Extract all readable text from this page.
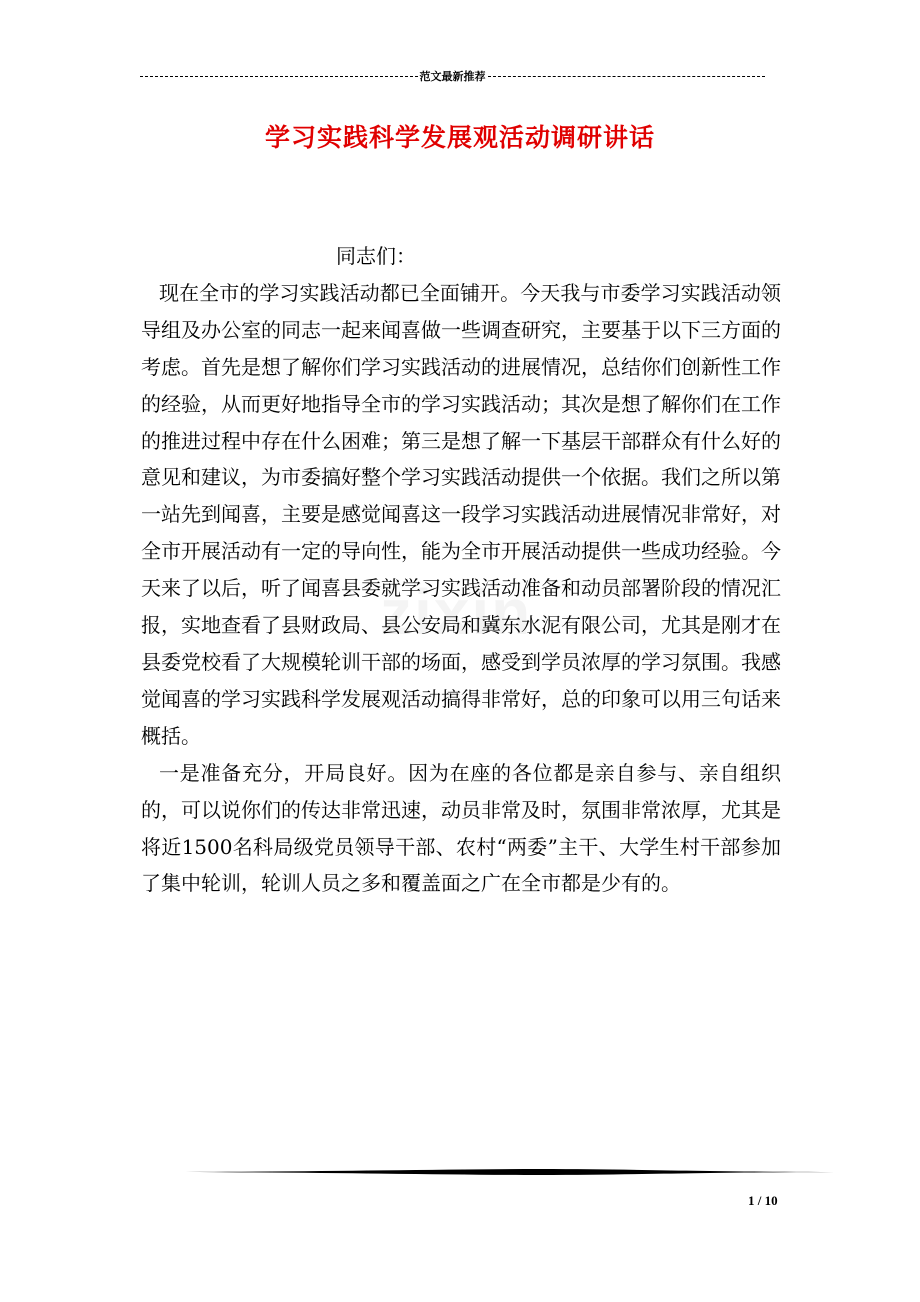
范文最新推荐
学习实践科学发展观活动调研讲话

同志们：

现在全市的学习实践活动都已全面铺开。今天我与市委学习实践活动领导组及办公室的同志一起来闻喜做一些调查研究，主要基于以下三方面的考虑。首先是想了解你们学习实践活动的进展情况，总结你们创新性工作的经验，从而更好地指导全市的学习实践活动；其次是想了解你们在工作的推进过程中存在什么困难；第三是想了解一下基层干部群众有什么好的意见和建议，为市委搞好整个学习实践活动提供一个依据。我们之所以第一站先到闻喜，主要是感觉闻喜这一段学习实践活动进展情况非常好，对全市开展活动有一定的导向性，能为全市开展活动提供一些成功经验。今天来了以后，听了闻喜县委就学习实践活动准备和动员部署阶段的情况汇报，实地查看了县财政局、县公安局和冀东水泥有限公司，尤其是刚才在县委党校看了大规模轮训干部的场面，感受到学员浓厚的学习氛围。我感觉闻喜的学习实践科学发展观活动搞得非常好，总的印象可以用三句话来概括。

一是准备充分，开局良好。因为在座的各位都是亲自参与、亲自组织的，可以说你们的传达非常迅速，动员非常及时，氛围非常浓厚，尤其是将近1500名科局级党员领导干部、农村“两委”主干、大学生村干部参加了集中轮训，轮训人员之多和覆盖面之广在全市都是少有的。

1 / 10
